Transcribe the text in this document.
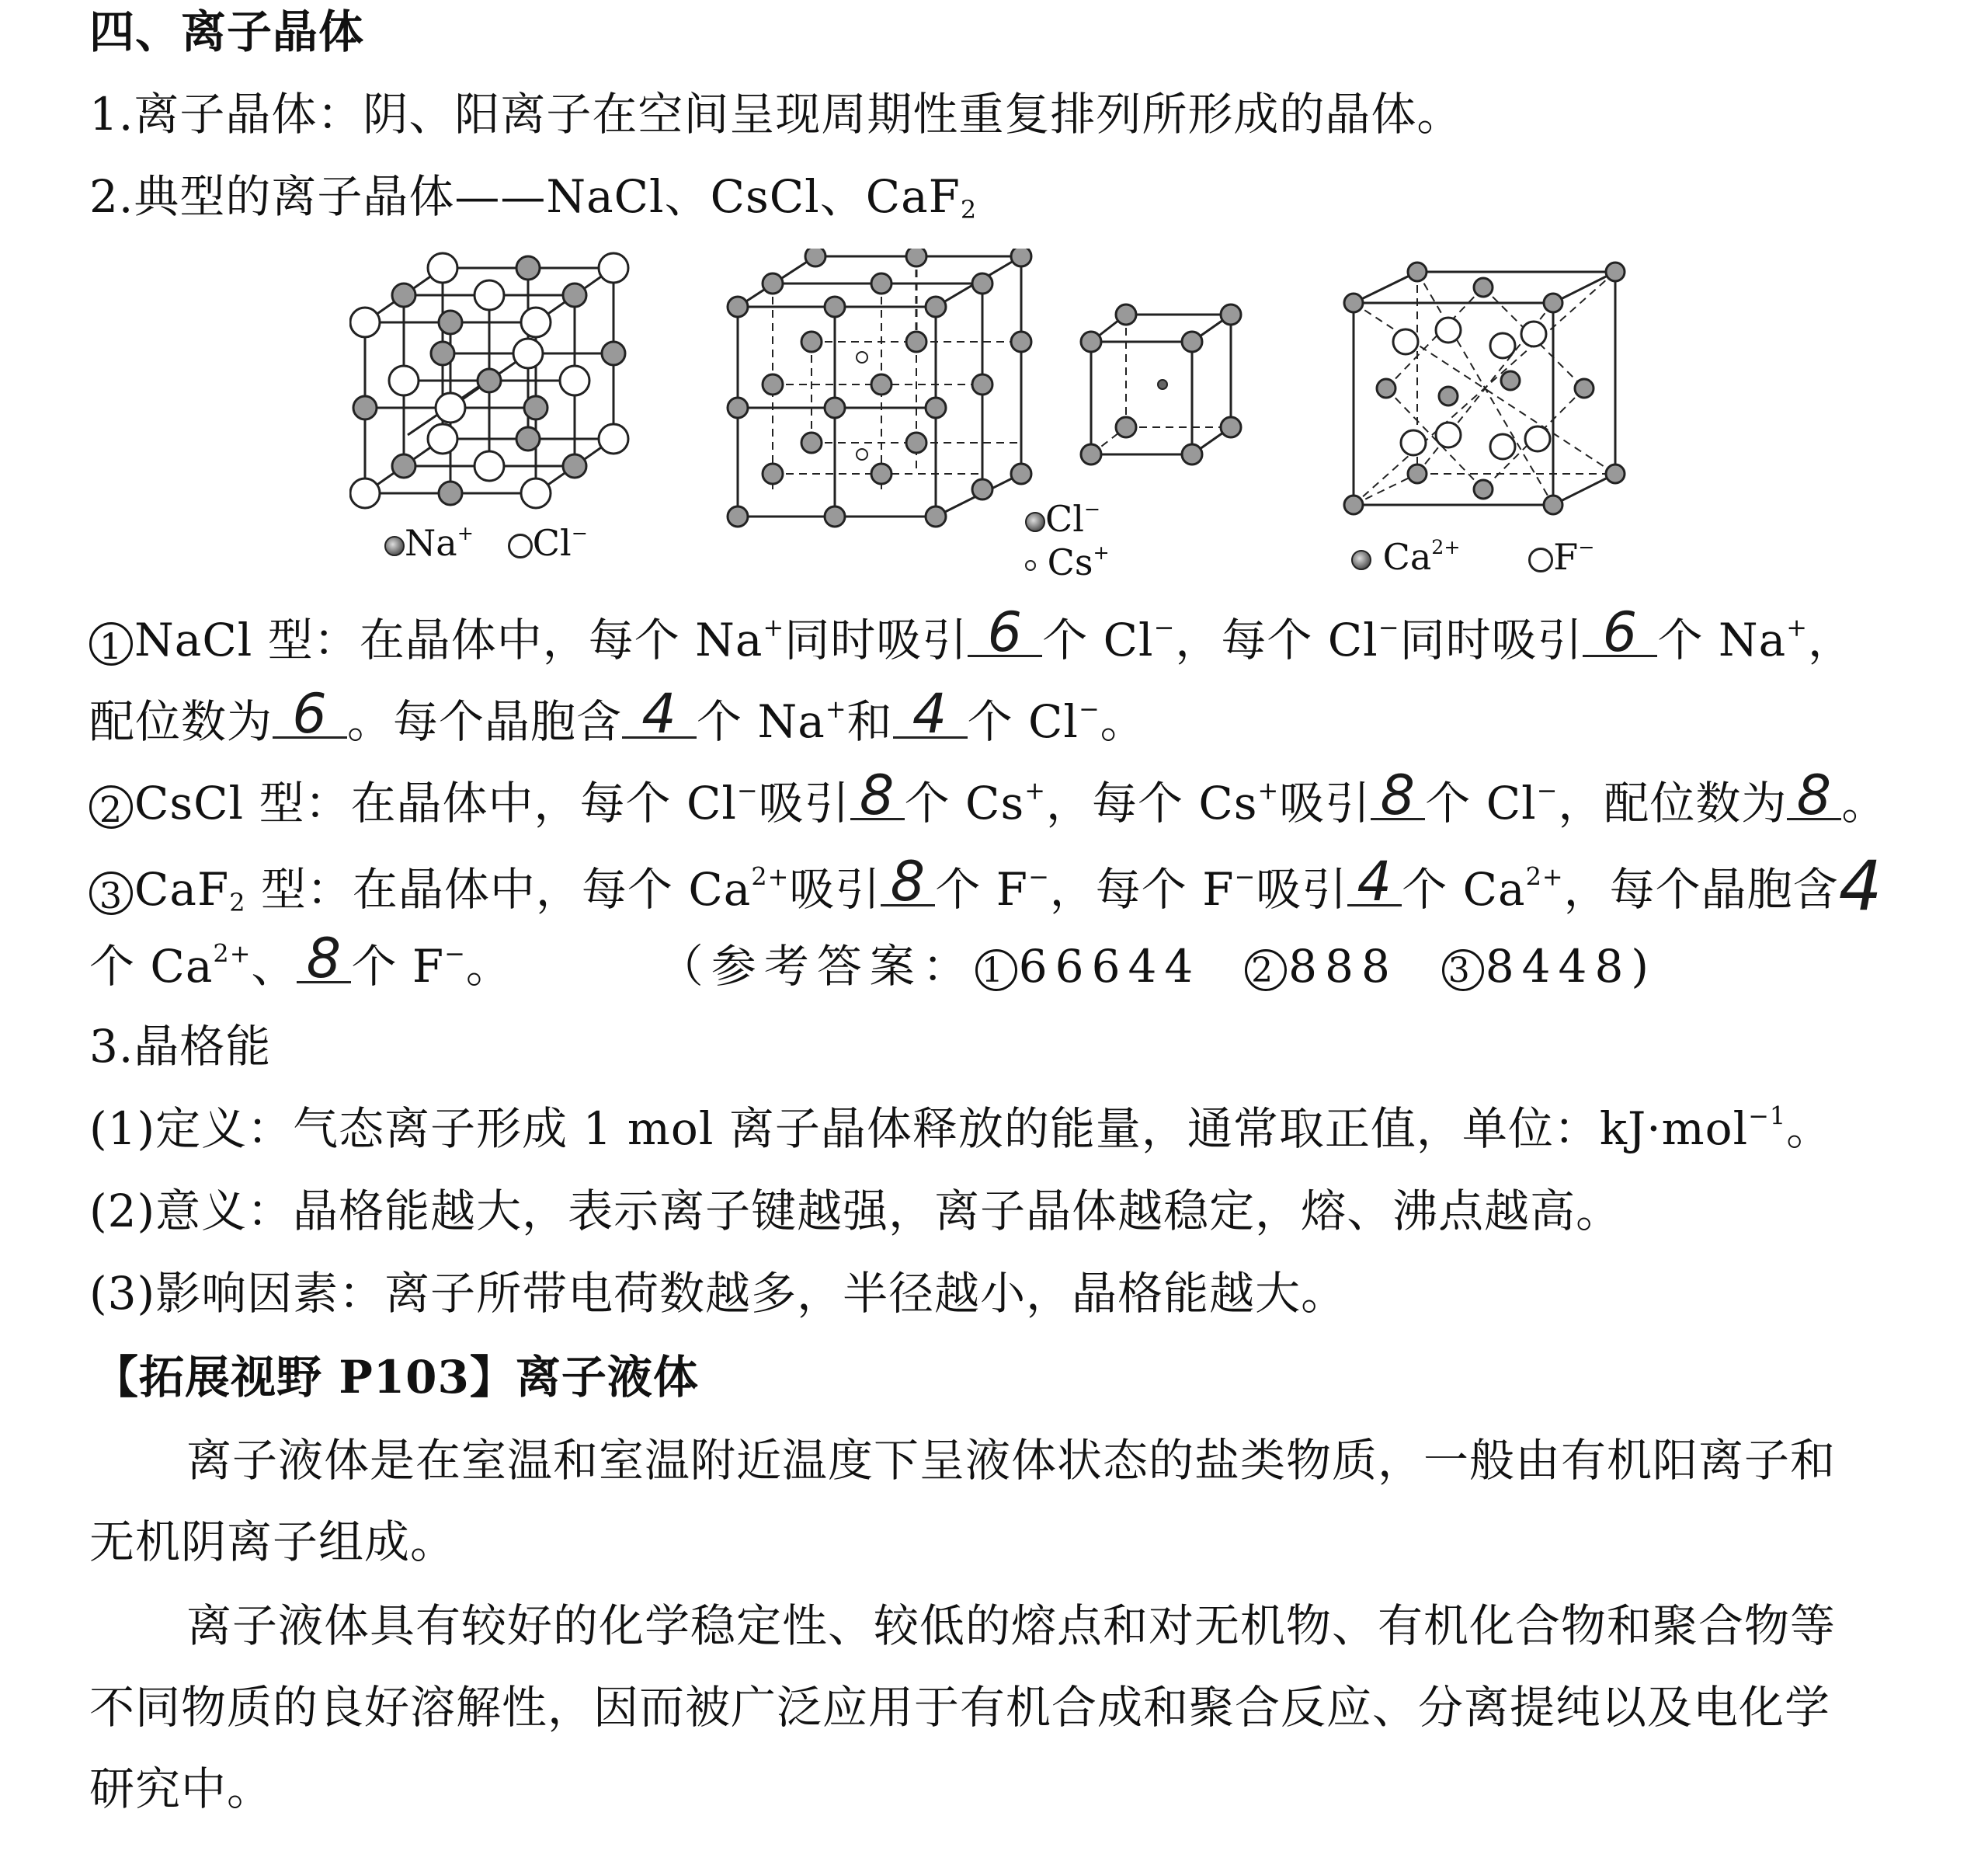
四、离子晶体
1.离子晶体：阴、阳离子在空间呈现周期性重复排列所形成的晶体。
2.典型的离子晶体——NaCl、CsCl、CaF$_2$
Na+ Cl−	Cl−
Cs+	$Ca^{2+}$	F−
1 NaCl 型：在晶体中，每个 Na+同时吸引 6 个 Cl−，每个 Cl−同时吸引 6 个 Na+，
配位数为 6 。每个晶胞含 4 个 Na+和 4 个 Cl−。
2 CsCl 型：在晶体中，每个 Cl−吸引 8 个 Cs+，每个 Cs+吸引 8 个 Cl−，配位数为 8 。
3 CaF$_2$ 型：在晶体中，每个 $Ca^{2+}$吸引 8 个 F−，每个 F−吸引 4 个 $Ca^{2+}$，每个晶胞含4
个 $Ca^{2+}$、 8 个 F−。	（参考答案： 1 66644 2 888 3 8448)
3.晶格能
(1)定义：气态离子形成 1 mol 离子晶体释放的能量，通常取正值，单位：kJ·mol$^{-1}$。
(2)意义：晶格能越大，表示离子键越强，离子晶体越稳定，熔、沸点越高。
(3)影响因素：离子所带电荷数越多，半径越小，晶格能越大。
【拓展视野 P103】离子液体
离子液体是在室温和室温附近温度下呈液体状态的盐类物质，一般由有机阳离子和
无机阴离子组成。
离子液体具有较好的化学稳定性、较低的熔点和对无机物、有机化合物和聚合物等
不同物质的良好溶解性，因而被广泛应用于有机合成和聚合反应、分离提纯以及电化学
研究中。
